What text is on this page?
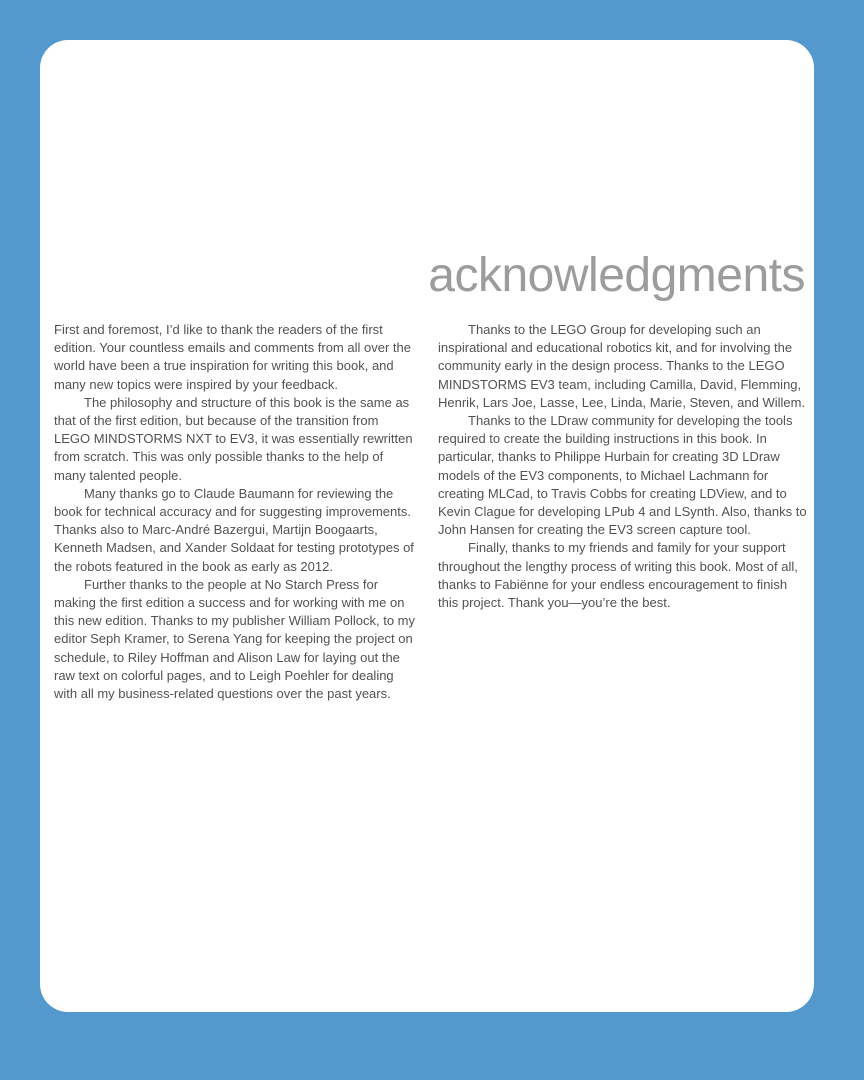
acknowledgments

First and foremost, I’d like to thank the readers of the first edition. Your countless emails and comments from all over the world have been a true inspiration for writing this book, and many new topics were inspired by your feedback.

The philosophy and structure of this book is the same as that of the first edition, but because of the transition from LEGO MINDSTORMS NXT to EV3, it was essentially rewritten from scratch. This was only possible thanks to the help of many talented people.

Many thanks go to Claude Baumann for reviewing the book for technical accuracy and for suggesting improvements. Thanks also to Marc-André Bazergui, Martijn Boogaarts, Kenneth Madsen, and Xander Soldaat for testing prototypes of the robots featured in the book as early as 2012.

Further thanks to the people at No Starch Press for making the first edition a success and for working with me on this new edition. Thanks to my publisher William Pollock, to my editor Seph Kramer, to Serena Yang for keeping the project on schedule, to Riley Hoffman and Alison Law for laying out the raw text on colorful pages, and to Leigh Poehler for dealing with all my business-related questions over the past years.

Thanks to the LEGO Group for developing such an inspirational and educational robotics kit, and for involving the community early in the design process. Thanks to the LEGO MINDSTORMS EV3 team, including Camilla, David, Flemming, Henrik, Lars Joe, Lasse, Lee, Linda, Marie, Steven, and Willem.

Thanks to the LDraw community for developing the tools required to create the building instructions in this book. In particular, thanks to Philippe Hurbain for creating 3D LDraw models of the EV3 components, to Michael Lachmann for creating MLCad, to Travis Cobbs for creating LDView, and to Kevin Clague for developing LPub 4 and LSynth. Also, thanks to John Hansen for creating the EV3 screen capture tool.

Finally, thanks to my friends and family for your support throughout the lengthy process of writing this book. Most of all, thanks to Fabiënne for your endless encouragement to finish this project. Thank you—you’re the best.
